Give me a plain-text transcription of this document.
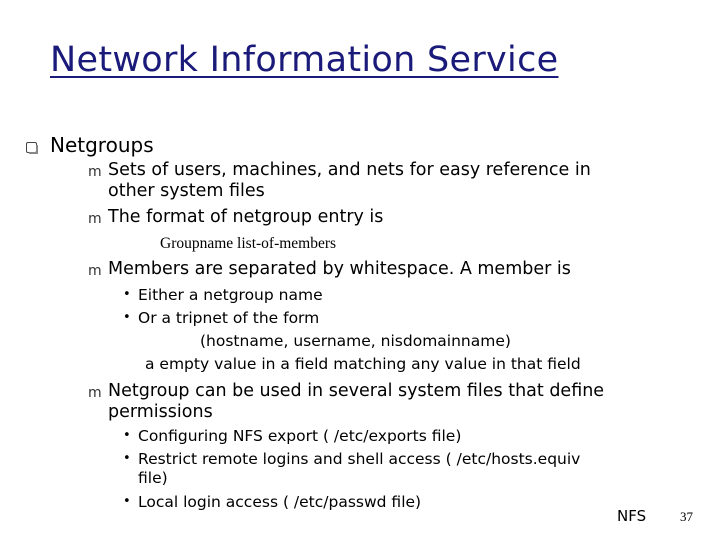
Network Information Service
Netgroups
m Sets of users, machines, and nets for easy reference in
other system files
m The format of netgroup entry is
Groupname list-of-members
m Members are separated by whitespace. A member is
• Either a netgroup name
• Or a tripnet of the form
(hostname, username, nisdomainname)
a empty value in a field matching any value in that field
m Netgroup can be used in several system files that define
permissions
• Configuring NFS export ( /etc/exports file)
• Restrict remote logins and shell access ( /etc/hosts.equiv
file)
• Local login access ( /etc/passwd file)
NFS	37
